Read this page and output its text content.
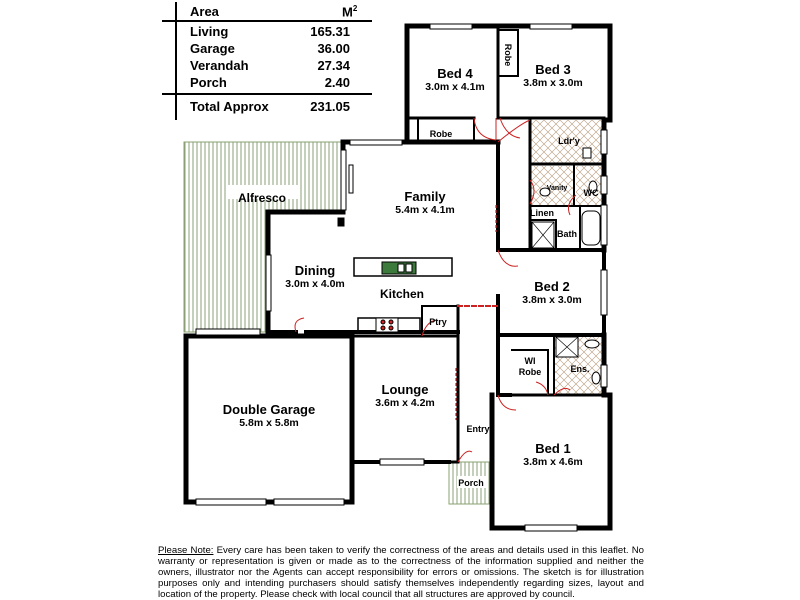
Area	$M^2$
Living	165.31
Garage	36.00
Verandah	27.34
Porch	2.40
Total Approx	231.05
Bed 4
3.0m x 4.1m
Bed 3
3.8m x 3.0m
Family
5.4m x 4.1m
Dining
3.0m x 4.0m	Bed 2
3.8m x 3.0m
Double Garage
5.8m x 5.8m
Lounge
3.6m x 4.2m
Bed 1
3.8m x 4.6m
Alfresco
Kitchen
Ptry
Robe
Robe
Ldr'y
Vanity WC
Linen
Bath
WI
Robe	Ens.
Entry
Porch
Please Note: Every care has been taken to verify the correctness of the areas and details used in this leaflet. No warranty or representation is given or made as to the correctness of the information supplied and neither the owners, illustrator nor the Agents can accept responsibility for errors or omissions. The sketch is for illustration purposes only and intending purchasers should satisfy themselves independently regarding sizes, layout and location of the property. Please check with local council that all structures are approved by council.
